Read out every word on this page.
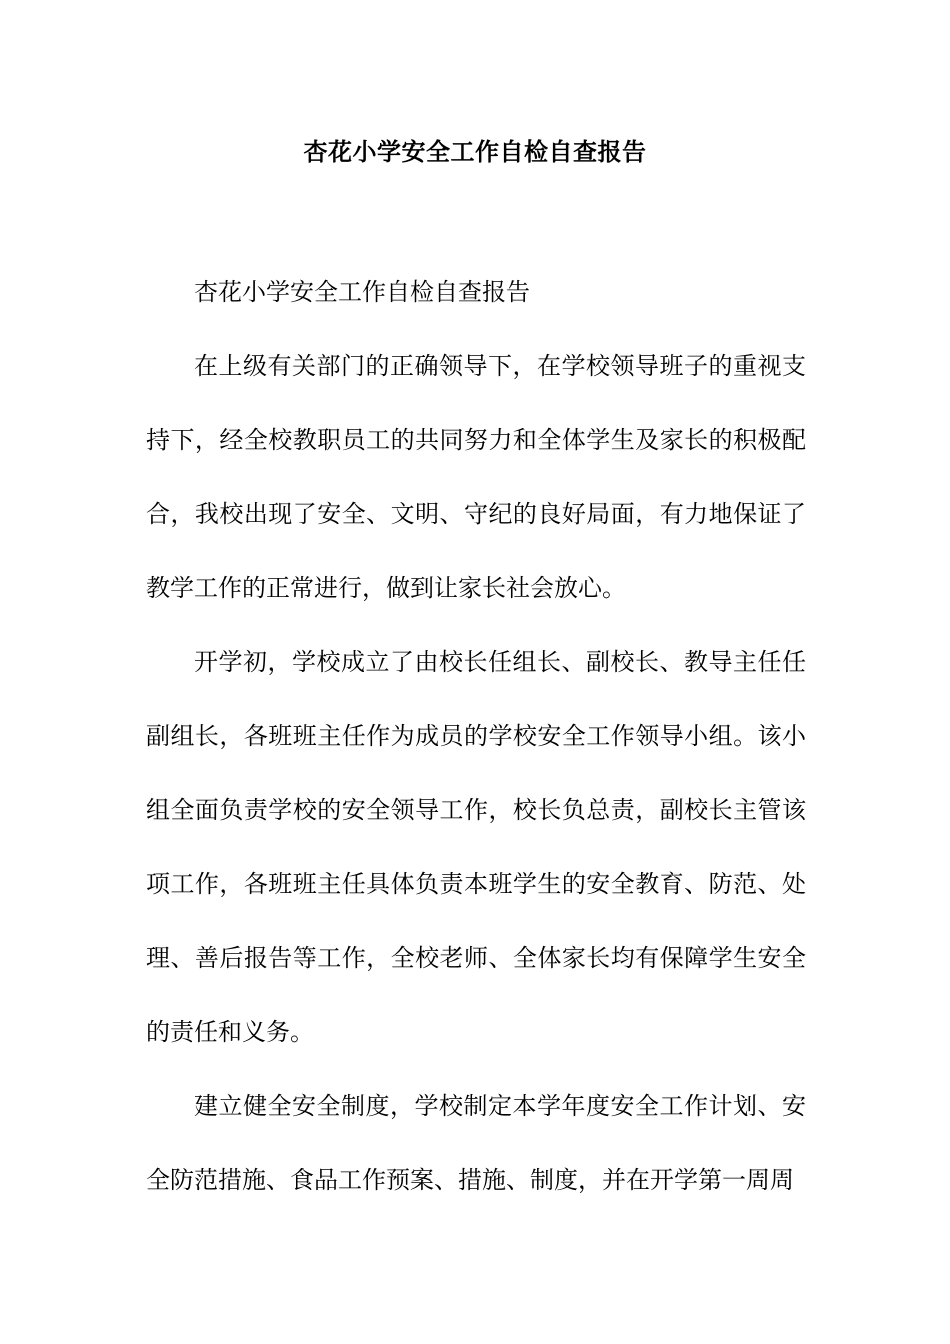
杏花小学安全工作自检自查报告

杏花小学安全工作自检自查报告

在上级有关部门的正确领导下，在学校领导班子的重视支持下，经全校教职员工的共同努力和全体学生及家长的积极配合，我校出现了安全、文明、守纪的良好局面，有力地保证了教学工作的正常进行，做到让家长社会放心。

开学初，学校成立了由校长任组长、副校长、教导主任任副组长，各班班主任作为成员的学校安全工作领导小组。该小组全面负责学校的安全领导工作，校长负总责，副校长主管该项工作，各班班主任具体负责本班学生的安全教育、防范、处理、善后报告等工作，全校老师、全体家长均有保障学生安全的责任和义务。

建立健全安全制度，学校制定本学年度安全工作计划、安全防范措施、食品工作预案、措施、制度，并在开学第一周周
